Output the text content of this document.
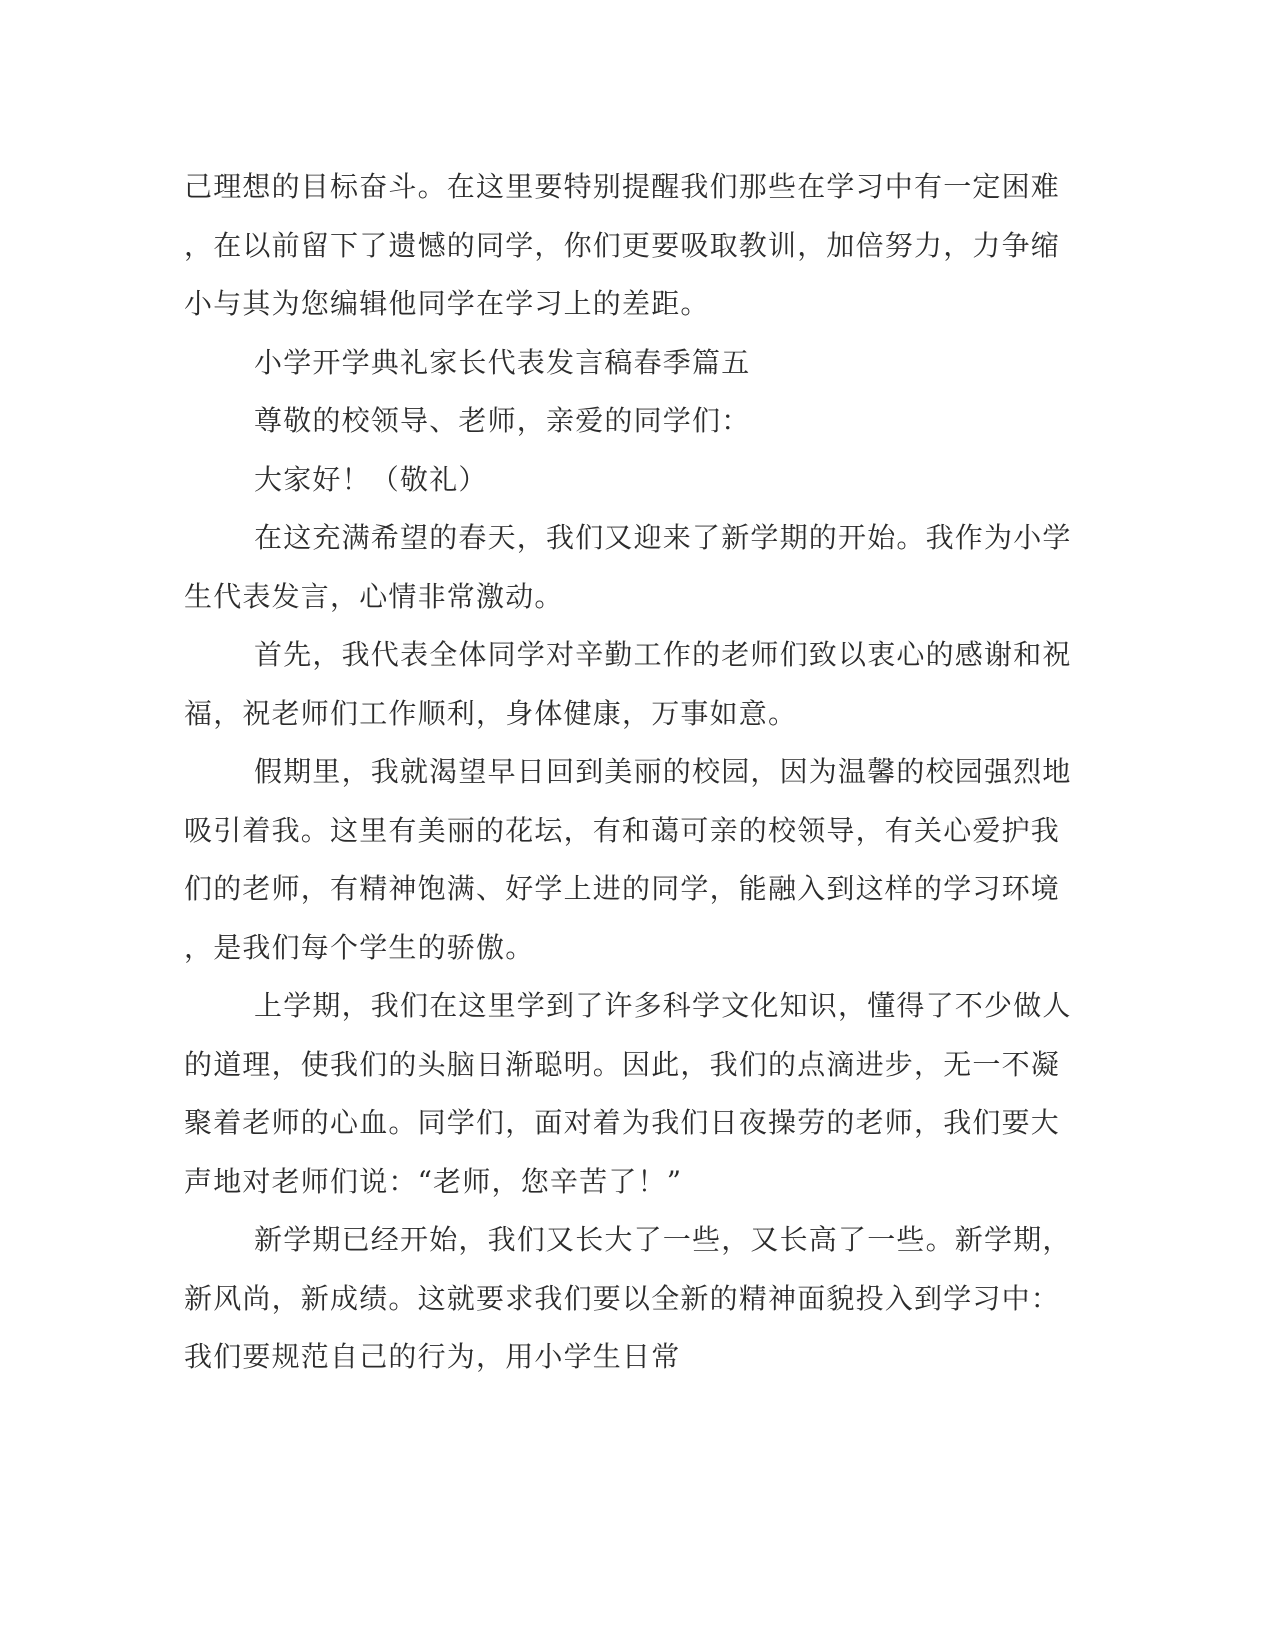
己理想的目标奋斗。在这里要特别提醒我们那些在学习中有一定困难
，在以前留下了遗憾的同学，你们更要吸取教训，加倍努力，力争缩
小与其为您编辑他同学在学习上的差距。
小学开学典礼家长代表发言稿春季篇五
尊敬的校领导、老师，亲爱的同学们：
大家好！（敬礼）
在这充满希望的春天，我们又迎来了新学期的开始。我作为小学
生代表发言，心情非常激动。
首先，我代表全体同学对辛勤工作的老师们致以衷心的感谢和祝
福，祝老师们工作顺利，身体健康，万事如意。
假期里，我就渴望早日回到美丽的校园，因为温馨的校园强烈地
吸引着我。这里有美丽的花坛，有和蔼可亲的校领导，有关心爱护我
们的老师，有精神饱满、好学上进的同学，能融入到这样的学习环境
，是我们每个学生的骄傲。
上学期，我们在这里学到了许多科学文化知识，懂得了不少做人
的道理，使我们的头脑日渐聪明。因此，我们的点滴进步，无一不凝
聚着老师的心血。同学们，面对着为我们日夜操劳的老师，我们要大
声地对老师们说：“老师，您辛苦了！”
新学期已经开始，我们又长大了一些，又长高了一些。新学期，
新风尚，新成绩。这就要求我们要以全新的精神面貌投入到学习中：
我们要规范自己的行为，用小学生日常
